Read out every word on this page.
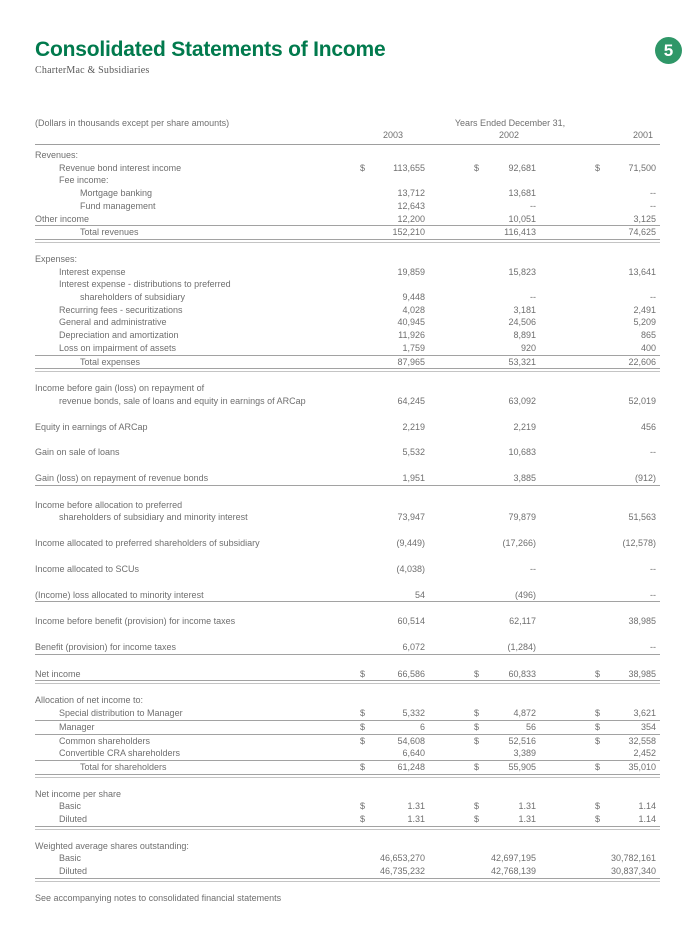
Consolidated Statements of Income
CharterMac & Subsidiaries
5
(Dollars in thousands except per share amounts)	Years Ended December 31,
2003	2002	2001
Revenues:
Revenue bond interest income	$	113,655	$	92,681	$	71,500
Fee income:
Mortgage banking	13,712	13,681	--
Fund management	12,643	--	--
Other income	12,200	10,051	3,125
Total revenues	152,210	116,413	74,625
Expenses:
Interest expense	19,859	15,823	13,641
Interest expense - distributions to preferred
shareholders of subsidiary	9,448	--	--
Recurring fees - securitizations	4,028	3,181	2,491
General and administrative	40,945	24,506	5,209
Depreciation and amortization	11,926	8,891	865
Loss on impairment of assets	1,759	920	400
Total expenses	87,965	53,321	22,606
Income before gain (loss) on repayment of
revenue bonds, sale of loans and equity in earnings of ARCap	64,245	63,092	52,019
Equity in earnings of ARCap	2,219	2,219	456
Gain on sale of loans	5,532	10,683	--
Gain (loss) on repayment of revenue bonds	1,951	3,885	(912)
Income before allocation to preferred
shareholders of subsidiary and minority interest	73,947	79,879	51,563
Income allocated to preferred shareholders of subsidiary	(9,449)	(17,266)	(12,578)
Income allocated to SCUs	(4,038)	--	--
(Income) loss allocated to minority interest	54	(496)	--
Income before benefit (provision) for income taxes	60,514	62,117	38,985
Benefit (provision) for income taxes	6,072	(1,284)	--
Net income	$	66,586	$	60,833	$	38,985
Allocation of net income to:
Special distribution to Manager	$	5,332	$	4,872	$	3,621
Manager	$	6	$	56	$	354
Common shareholders	$	54,608	$	52,516	$	32,558
Convertible CRA shareholders	6,640	3,389	2,452
Total for shareholders	$	61,248	$	55,905	$	35,010
Net income per share
Basic	$	1.31	$	1.31	$	1.14
Diluted	$	1.31	$	1.31	$	1.14
Weighted average shares outstanding:
Basic	46,653,270	42,697,195	30,782,161
Diluted	46,735,232	42,768,139	30,837,340
See accompanying notes to consolidated financial statements
